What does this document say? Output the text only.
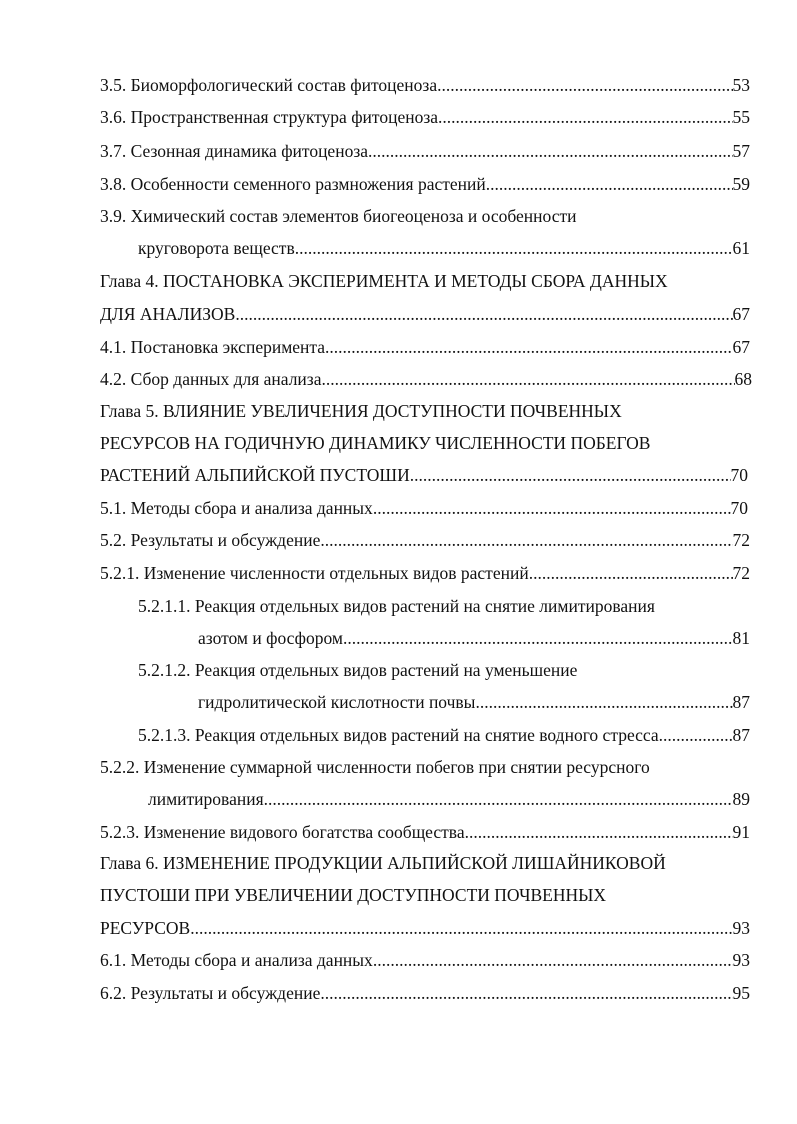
3.5. Биоморфологический состав фитоценоза .....	53
3.6. Пространственная структура фитоценоза .....	55
3.7. Сезонная динамика фитоценоза .....	57
3.8. Особенности семенного размножения растений .....	59
3.9. Химический состав элементов биогеоценоза и особенности
круговорота веществ .....	61
Глава 4. ПОСТАНОВКА ЭКСПЕРИМЕНТА И МЕТОДЫ СБОРА ДАННЫХ
ДЛЯ АНАЛИЗОВ .....	67
4.1. Постановка эксперимента .....	67
4.2. Сбор данных для анализа .....	68
Глава 5. ВЛИЯНИЕ УВЕЛИЧЕНИЯ ДОСТУПНОСТИ ПОЧВЕННЫХ
РЕСУРСОВ НА ГОДИЧНУЮ ДИНАМИКУ ЧИСЛЕННОСТИ ПОБЕГОВ
РАСТЕНИЙ АЛЬПИЙСКОЙ ПУСТОШИ .....	70
5.1. Методы сбора и анализа данных .....	70
5.2. Результаты и обсуждение .....	72
5.2.1. Изменение численности отдельных видов растений .....	72
5.2.1.1. Реакция отдельных видов растений на снятие лимитирования
азотом и фосфором .....	81
5.2.1.2. Реакция отдельных видов растений на уменьшение
гидролитической кислотности почвы .....	87
5.2.1.3. Реакция отдельных видов растений на снятие водного стресса .....	87
5.2.2. Изменение суммарной численности побегов при снятии ресурсного
лимитирования .....	89
5.2.3. Изменение видового богатства сообщества .....	91
Глава 6. ИЗМЕНЕНИЕ ПРОДУКЦИИ АЛЬПИЙСКОЙ ЛИШАЙНИКОВОЙ
ПУСТОШИ ПРИ УВЕЛИЧЕНИИ ДОСТУПНОСТИ ПОЧВЕННЫХ
РЕСУРСОВ .....	93
6.1. Методы сбора и анализа данных .....	93
6.2. Результаты и обсуждение .....	95
